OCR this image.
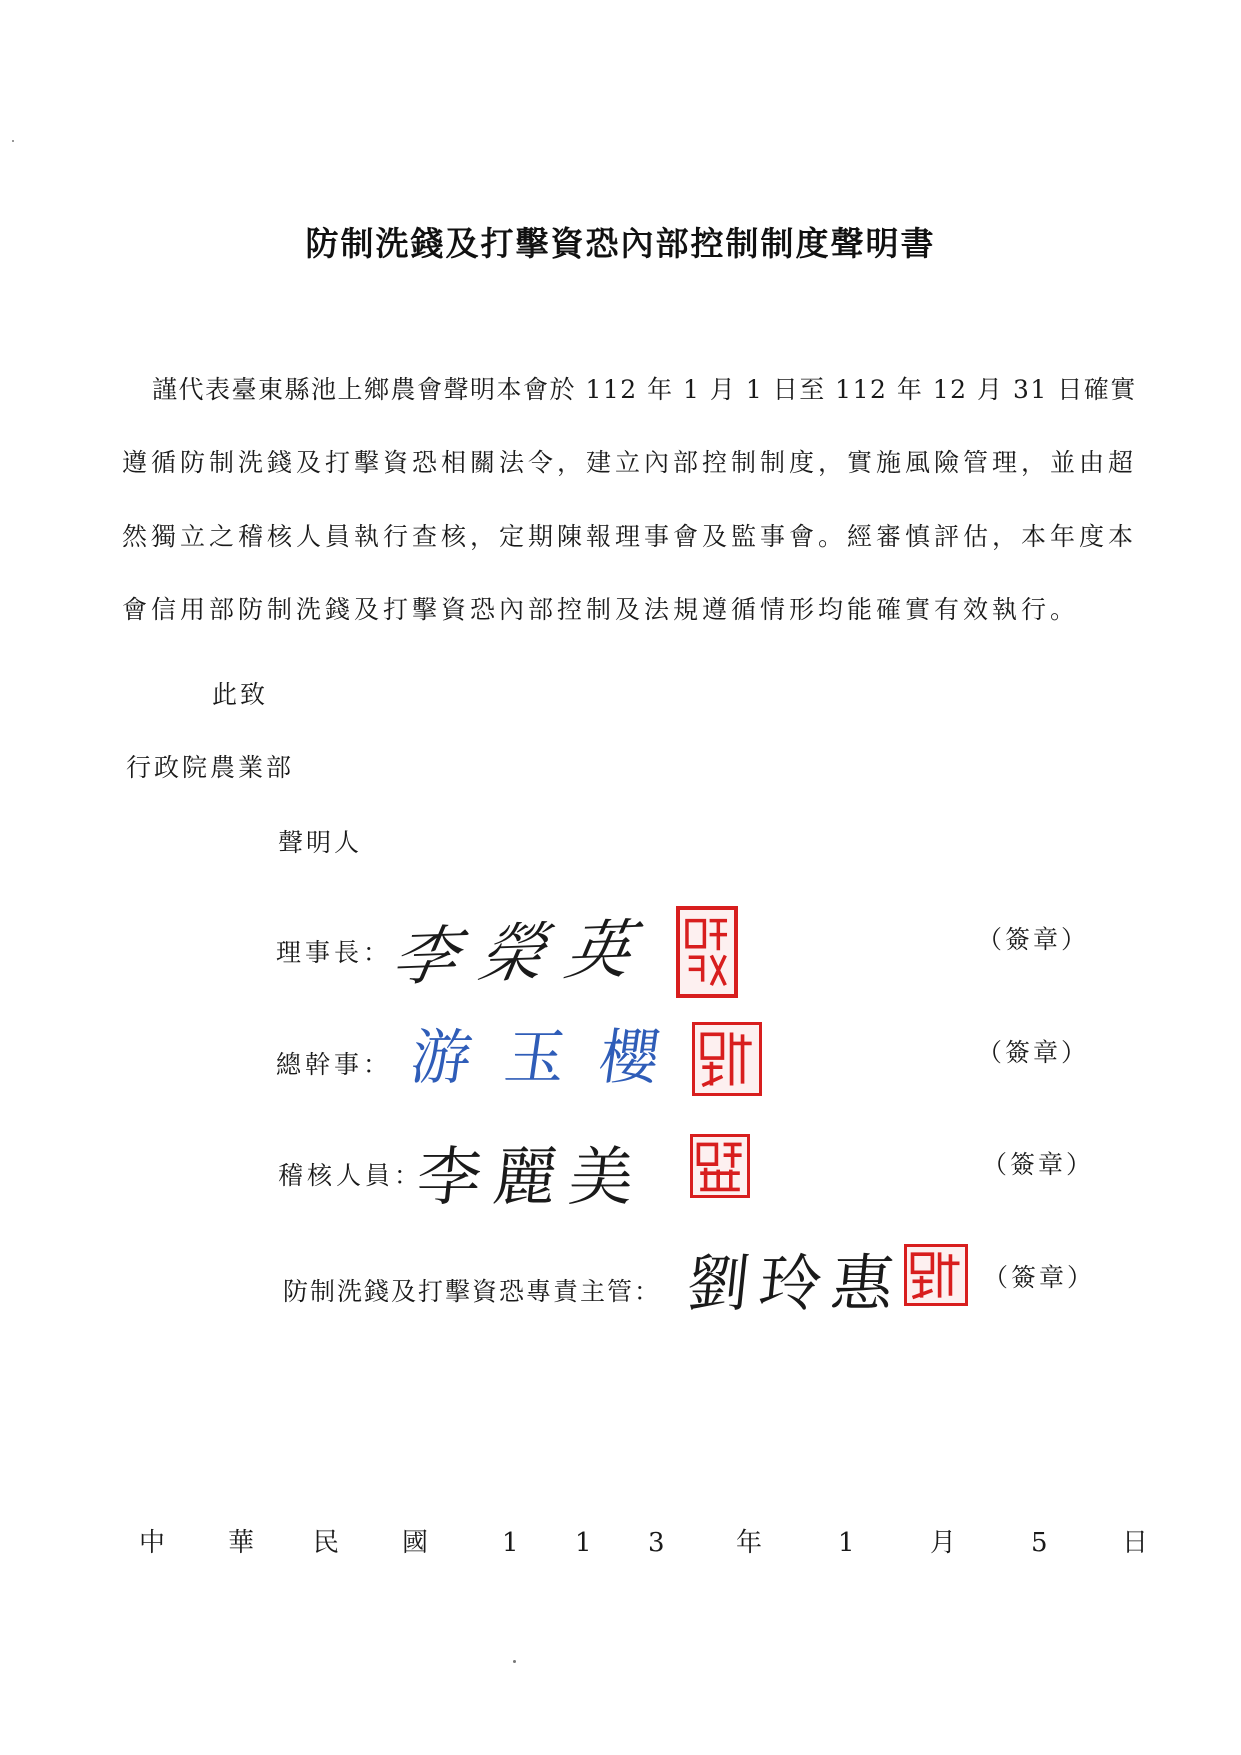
防制洗錢及打擊資恐內部控制制度聲明書
謹代表臺東縣池上鄉農會聲明本會於 112 年 1 月 1 日至 112 年 12 月 31 日確實
遵循防制洗錢及打擊資恐相關法令，建立內部控制制度，實施風險管理，並由超
然獨立之稽核人員執行查核，定期陳報理事會及監事會。經審慎評估，本年度本
會信用部防制洗錢及打擊資恐內部控制及法規遵循情形均能確實有效執行。
此致
行政院農業部
聲明人
理事長：
李榮英	（簽章）
總幹事： 游玉櫻	（簽章）
稽核人員：
李麗美	（簽章）
防制洗錢及打擊資恐專責主管： 劉玲惠	（簽章）
中 華 民 國	1 1 3	年	1	月	5	日
